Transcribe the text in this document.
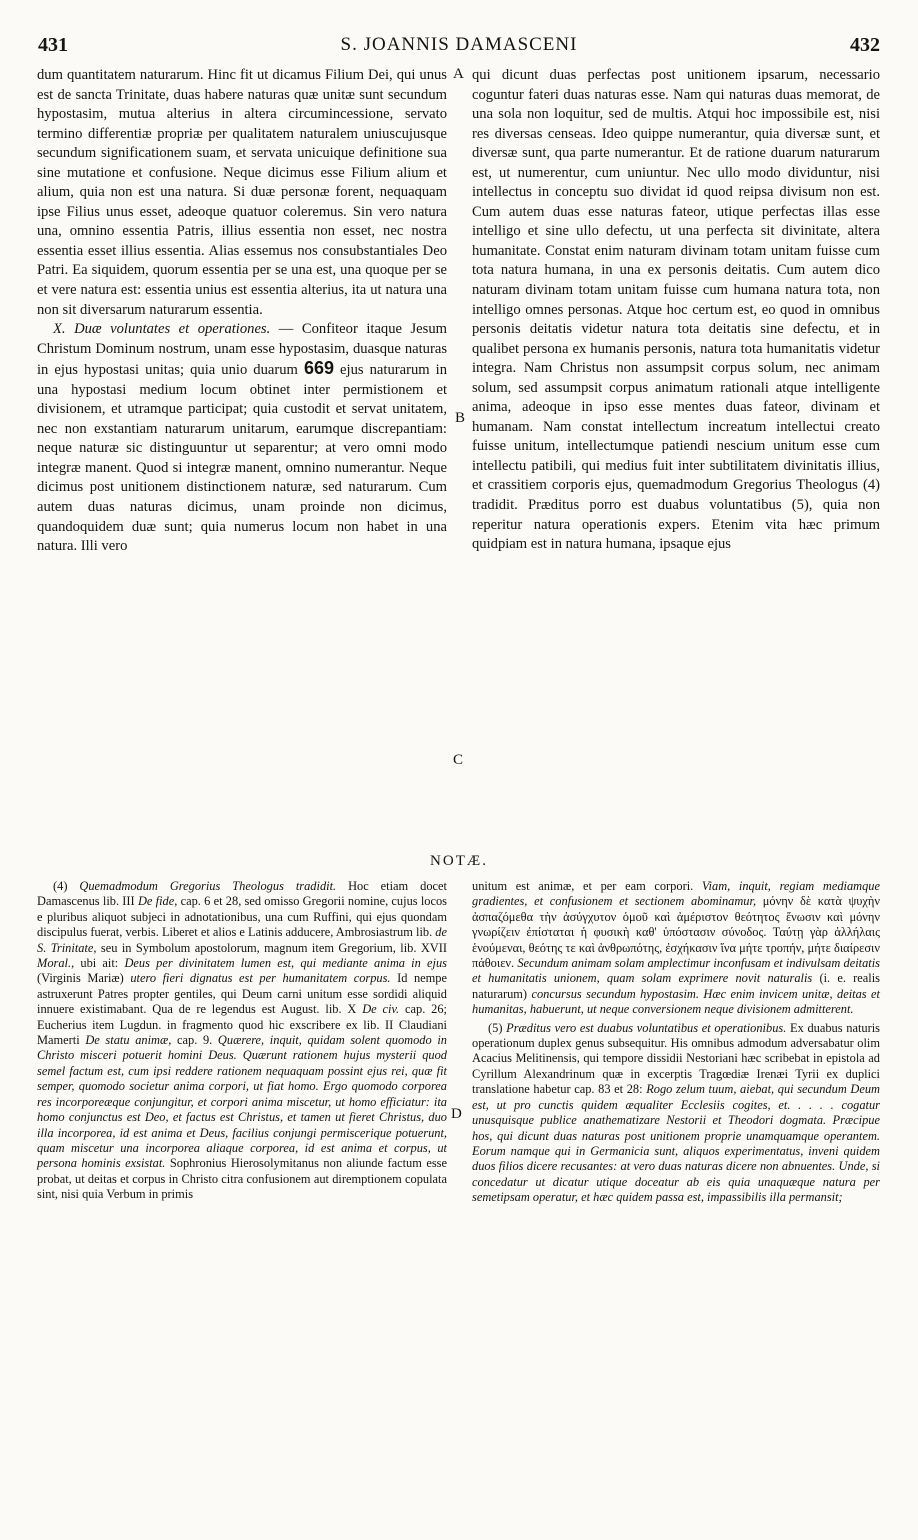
431	S. JOANNIS DAMASCENI	432

dum quantitatem naturarum. Hinc fit ut dicamus Filium Dei, qui unus est de sancta Trinitate, duas habere naturas quæ unitæ sunt secundum hypostasim, mutua alterius in altera circumincessione, servato termino differentiæ propriæ per qualitatem naturalem uniuscujusque secundum significationem suam, et servata unicuique definitione sua sine mutatione et confusione. Neque dicimus esse Filium alium et alium, quia non est una natura. Si duæ personæ forent, nequaquam ipse Filius unus esset, adeoque quatuor coleremus. Sin vero natura una, omnino essentia Patris, illius essentia non esset, nec nostra essentia esset illius essentia. Alias essemus nos consubstantiales Deo Patri. Ea siquidem, quorum essentia per se una est, una quoque per se et vere natura est: essentia unius est essentia alterius, ita ut natura una non sit diversarum naturarum essentia.

X. Duæ voluntates et operationes. — Confiteor itaque Jesum Christum Dominum nostrum, unam esse hypostasim, duasque naturas in ejus hypostasi unitas; quia unio duarum 669 ejus naturarum in una hypostasi medium locum obtinet inter permistionem et divisionem, et utramque participat; quia custodit et servat unitatem, nec non exstantiam naturarum unitarum, earumque discrepantiam: neque naturæ sic distinguuntur ut separentur; at vero omni modo integræ manent. Quod si integræ manent, omnino numerantur. Neque dicimus post unitionem distinctionem naturæ, sed naturarum. Cum autem duas naturas dicimus, unam proinde non dicimus, quandoquidem duæ sunt; quia numerus locum non habet in una natura. Illi vero

A
B
C
D

qui dicunt duas perfectas post unitionem ipsarum, necessario coguntur fateri duas naturas esse. Nam qui naturas duas memorat, de una sola non loquitur, sed de multis. Atqui hoc impossibile est, nisi res diversas censeas. Ideo quippe numerantur, quia diversæ sunt, et diversæ sunt, qua parte numerantur. Et de ratione duarum naturarum est, ut numerentur, cum uniuntur. Nec ullo modo dividuntur, nisi intellectus in conceptu suo dividat id quod reipsa divisum non est. Cum autem duas esse naturas fateor, utique perfectas illas esse intelligo et sine ullo defectu, ut una perfecta sit divinitate, altera humanitate. Constat enim naturam divinam totam unitam fuisse cum tota natura humana, in una ex personis deitatis. Cum autem dico naturam divinam totam unitam fuisse cum humana natura tota, non intelligo omnes personas. Atque hoc certum est, eo quod in omnibus personis deitatis videtur natura tota deitatis sine defectu, et in qualibet persona ex humanis personis, natura tota humanitatis videtur integra. Nam Christus non assumpsit corpus solum, nec animam solum, sed assumpsit corpus animatum rationali atque intelligente anima, adeoque in ipso esse mentes duas fateor, divinam et humanam. Nam constat intellectum increatum intellectui creato fuisse unitum, intellectumque patiendi nescium unitum esse cum intellectu patibili, qui medius fuit inter subtilitatem divinitatis illius, et crassitiem corporis ejus, quemadmodum Gregorius Theologus (4) tradidit. Præditus porro est duabus voluntatibus (5), quia non reperitur natura operationis expers. Etenim vita hæc primum quidpiam est in natura humana, ipsaque ejus

NOTÆ.

(4) Quemadmodum Gregorius Theologus tradidit. Hoc etiam docet Damascenus lib. III De fide, cap. 6 et 28, sed omisso Gregorii nomine, cujus locos e pluribus aliquot subjeci in adnotationibus, una cum Ruffini, qui ejus quondam discipulus fuerat, verbis. Liberet et alios e Latinis adducere, Ambrosiastrum lib. de S. Trinitate, seu in Symbolum apostolorum, magnum item Gregorium, lib. XVII Moral., ubi ait: Deus per divinitatem lumen est, qui mediante anima in ejus (Virginis Mariæ) utero fieri dignatus est per humanitatem corpus. Id nempe astruxerunt Patres propter gentiles, qui Deum carni unitum esse sordidi aliquid innuere existimabant. Qua de re legendus est August. lib. X De civ. cap. 26; Eucherius item Lugdun. in fragmento quod hic exscribere ex lib. II Claudiani Mamerti De statu animæ, cap. 9. Quærere, inquit, quidam solent quomodo in Christo misceri potuerit homini Deus. Quærunt rationem hujus mysterii quod semel factum est, cum ipsi reddere rationem nequaquam possint ejus rei, quæ fit semper, quomodo societur anima corpori, ut fiat homo. Ergo quomodo corporea res incorporeæque conjungitur, et corpori anima miscetur, ut homo efficiatur: ita homo conjunctus est Deo, et factus est Christus, et tamen ut fieret Christus, duo illa incorporea, id est anima et Deus, facilius conjungi permiscerique potuerunt, quam miscetur una incorporea aliaque corporea, id est anima et corpus, ut persona hominis exsistat. Sophronius Hierosolymitanus non aliunde factum esse probat, ut deitas et corpus in Christo citra confusionem aut diremptionem copulata sint, nisi quia Verbum in primis

unitum est animæ, et per eam corpori. Viam, inquit, regiam mediamque gradientes, et confusionem et sectionem abominamur, μόνην δὲ κατὰ ψυχὴν ἀσπαζόμεθα τὴν ἀσύγχυτον ὁμοῦ καὶ ἀμέριστον θεότητος ἕνωσιν καὶ μόνην γνωρίζειν ἐπίσταται ἡ φυσικὴ καθ' ὑπόστασιν σύνοδος. Ταύτῃ γὰρ ἀλλήλαις ἑνούμεναι, θεότης τε καὶ ἀνθρωπότης, ἐσχήκασιν ἵνα μήτε τροπήν, μήτε διαίρεσιν πάθοιεν. Secundum animam solam amplectimur inconfusam et indivulsam deitatis et humanitatis unionem, quam solam exprimere novit naturalis (i. e. realis naturarum) concursus secundum hypostasim. Hæc enim invicem unitæ, deitas et humanitas, habuerunt, ut neque conversionem neque divisionem admitterent.

(5) Præditus vero est duabus voluntatibus et operationibus. Ex duabus naturis operationum duplex genus subsequitur. His omnibus admodum adversabatur olim Acacius Melitinensis, qui tempore dissidii Nestoriani hæc scribebat in epistola ad Cyrillum Alexandrinum quæ in excerptis Tragœdiæ Irenæi Tyrii ex duplici translatione habetur cap. 83 et 28: Rogo zelum tuum, aiebat, qui secundum Deum est, ut pro cunctis quidem æqualiter Ecclesiis cogites, et. . . . . cogatur unusquisque publice anathematizare Nestorii et Theodori dogmata. Præcipue hos, qui dicunt duas naturas post unitionem proprie unamquamque operantem. Eorum namque qui in Germanicia sunt, aliquos experimentatus, inveni quidem duos filios dicere recusantes: at vero duas naturas dicere non abnuentes. Unde, si concedatur ut dicatur utique doceatur ab eis quia unaquæque natura per semetipsam operatur, et hæc quidem passa est, impassibilis illa permansit;
